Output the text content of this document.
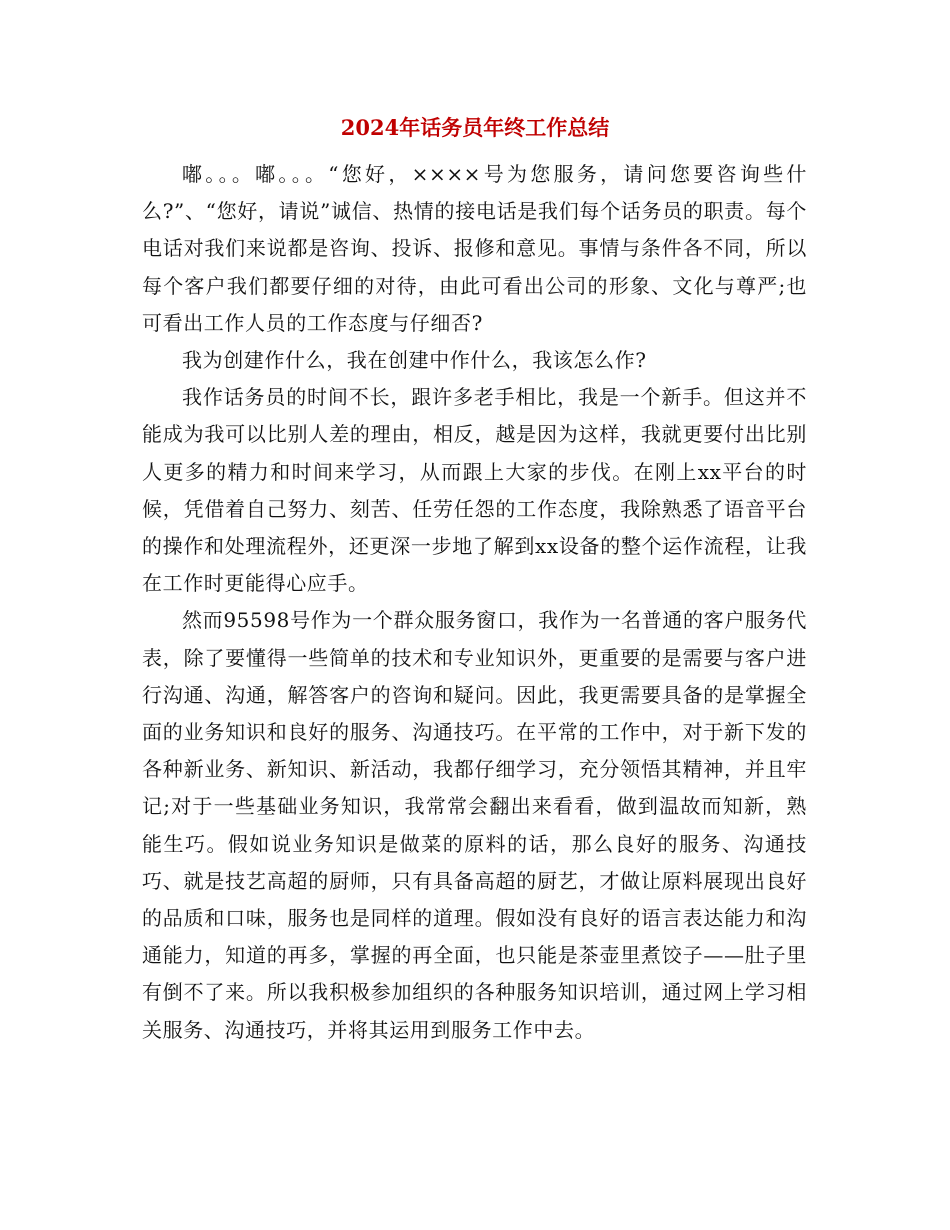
2024年话务员年终工作总结

嘟。。。嘟。。。“您好，××××号为您服务，请问您要咨询些什么?”、“您好，请说”诚信、热情的接电话是我们每个话务员的职责。每个电话对我们来说都是咨询、投诉、报修和意见。事情与条件各不同，所以每个客户我们都要仔细的对待，由此可看出公司的形象、文化与尊严;也可看出工作人员的工作态度与仔细否?

我为创建作什么，我在创建中作什么，我该怎么作?

我作话务员的时间不长，跟许多老手相比，我是一个新手。但这并不能成为我可以比别人差的理由，相反，越是因为这样，我就更要付出比别人更多的精力和时间来学习，从而跟上大家的步伐。在刚上xx平台的时候，凭借着自己努力、刻苦、任劳任怨的工作态度，我除熟悉了语音平台的操作和处理流程外，还更深一步地了解到xx设备的整个运作流程，让我在工作时更能得心应手。

然而95598号作为一个群众服务窗口，我作为一名普通的客户服务代表，除了要懂得一些简单的技术和专业知识外，更重要的是需要与客户进行沟通、沟通，解答客户的咨询和疑问。因此，我更需要具备的是掌握全面的业务知识和良好的服务、沟通技巧。在平常的工作中，对于新下发的各种新业务、新知识、新活动，我都仔细学习，充分领悟其精神，并且牢记;对于一些基础业务知识，我常常会翻出来看看，做到温故而知新，熟能生巧。假如说业务知识是做菜的原料的话，那么良好的服务、沟通技巧、就是技艺高超的厨师，只有具备高超的厨艺，才做让原料展现出良好的品质和口味，服务也是同样的道理。假如没有良好的语言表达能力和沟通能力，知道的再多，掌握的再全面，也只能是茶壶里煮饺子——肚子里有倒不了来。所以我积极参加组织的各种服务知识培训，通过网上学习相关服务、沟通技巧，并将其运用到服务工作中去。
